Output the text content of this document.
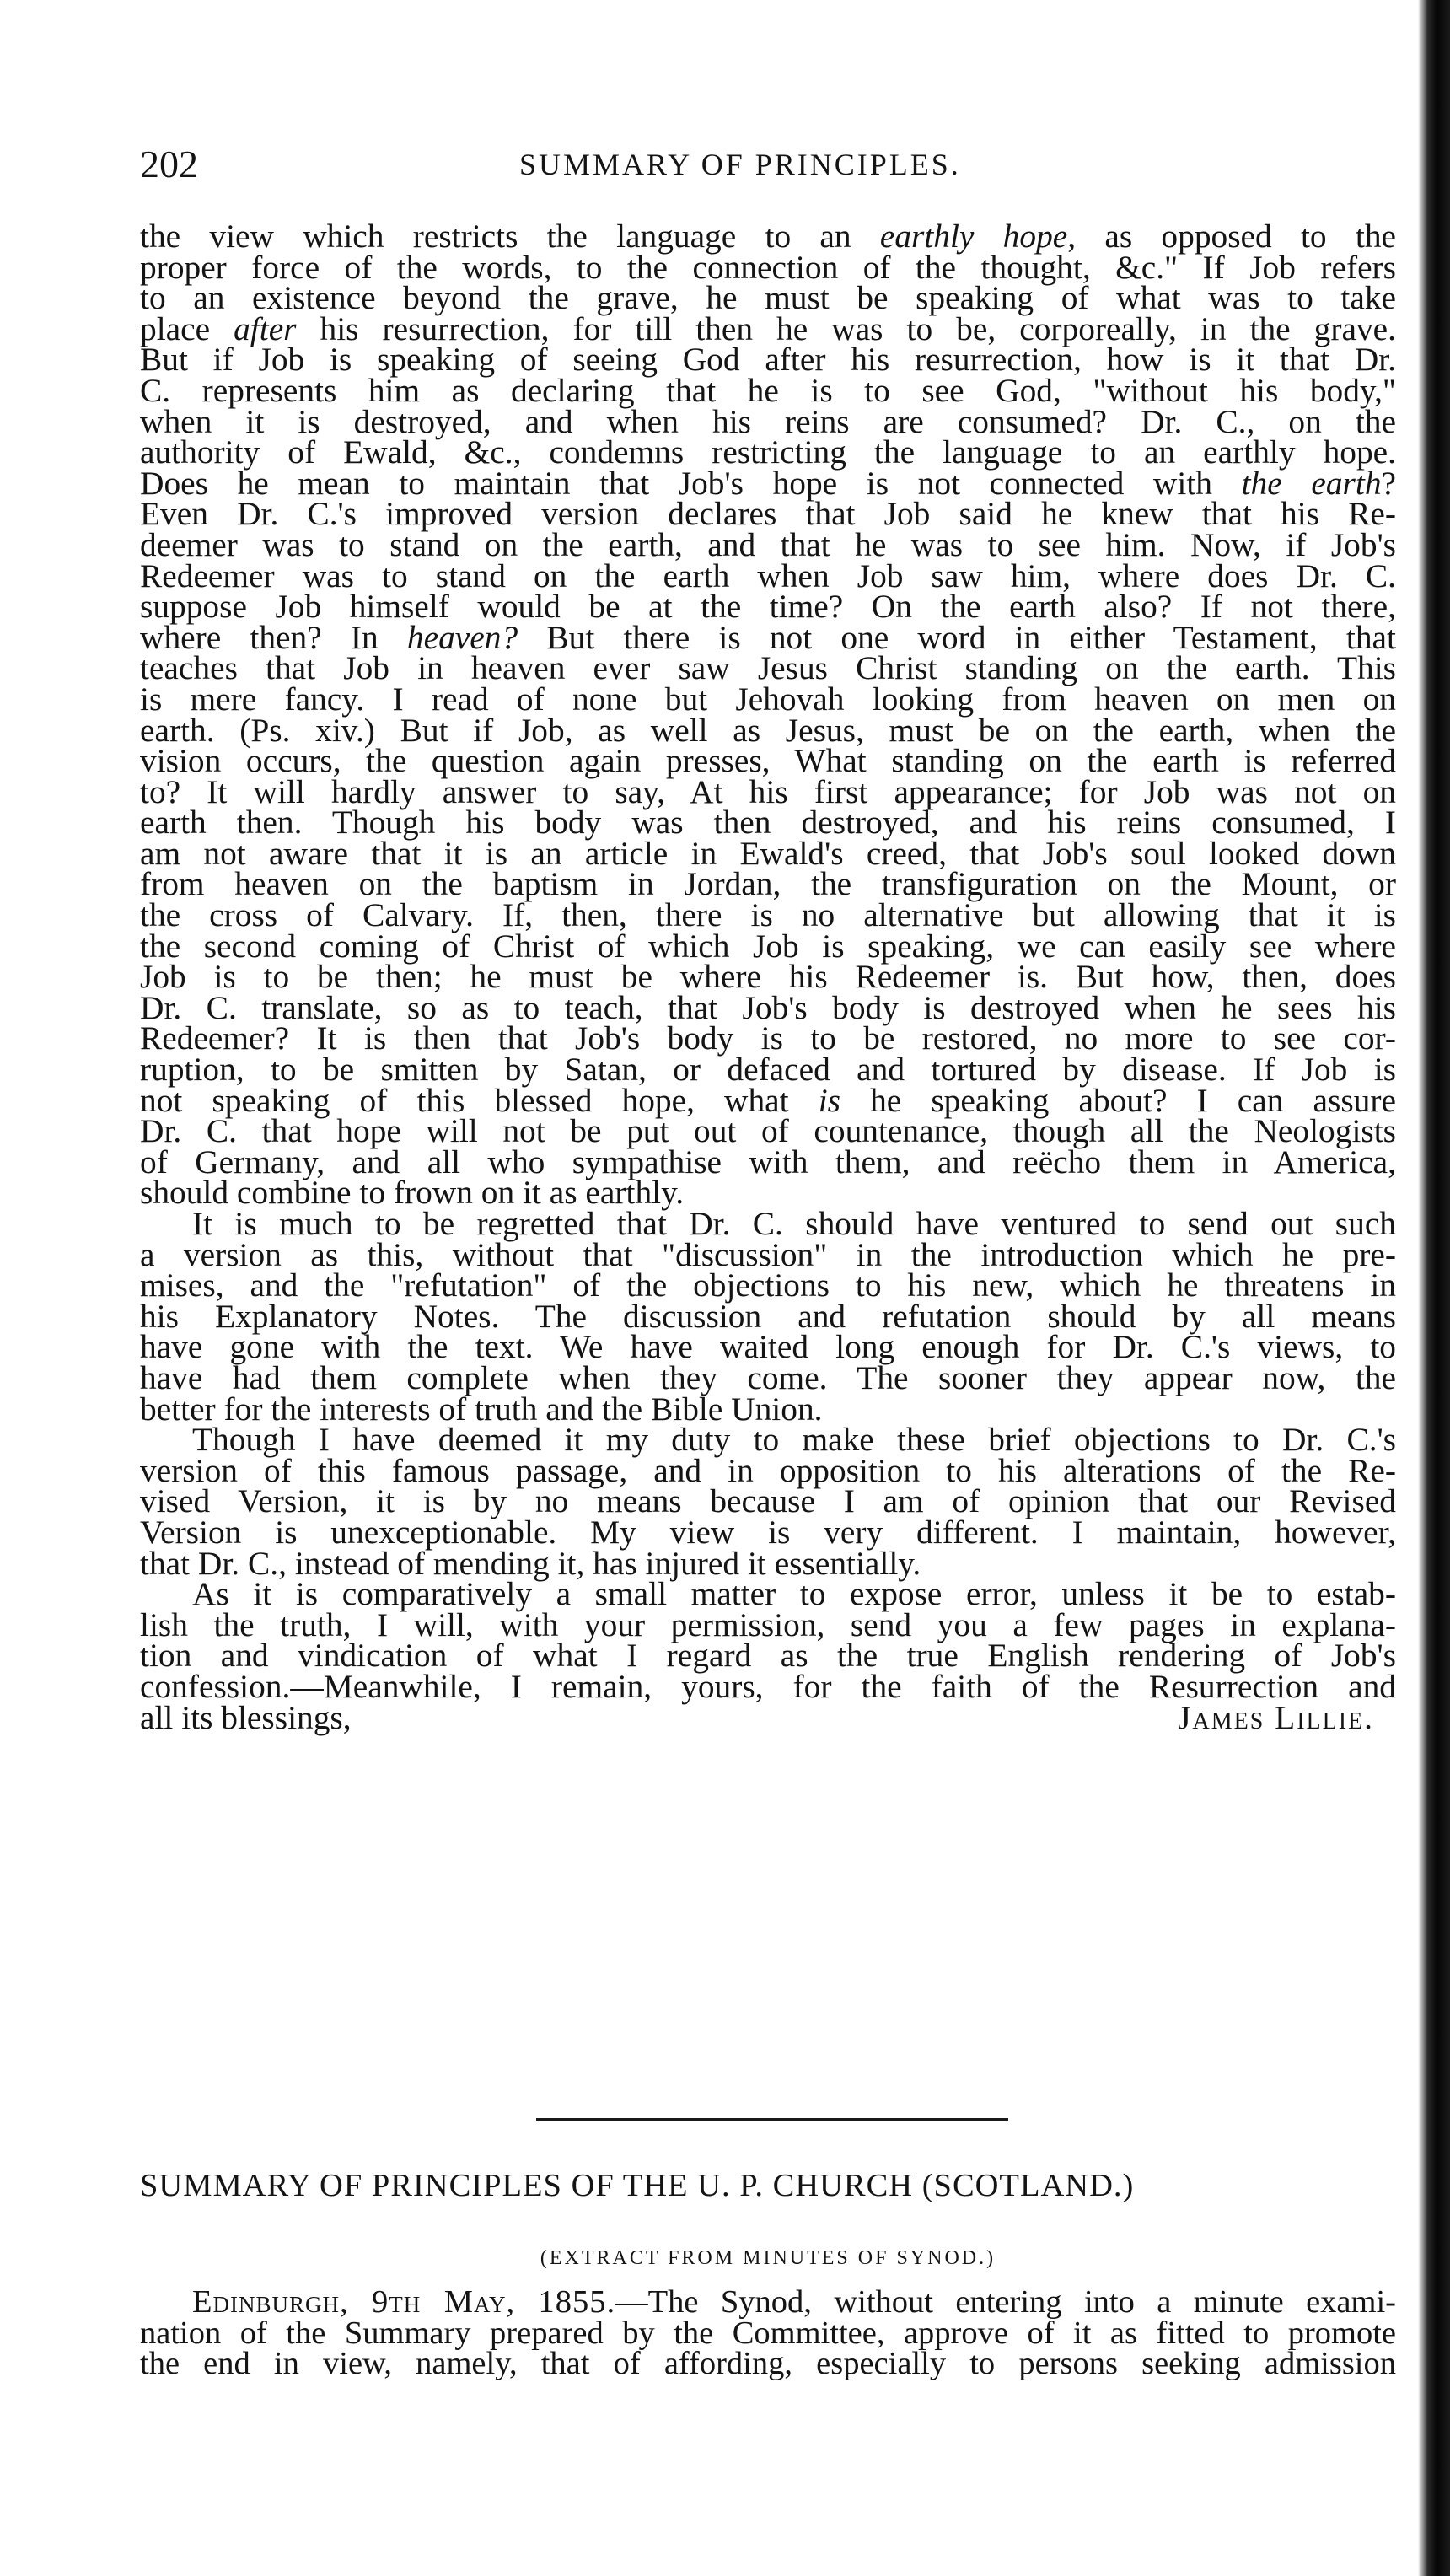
202	SUMMARY OF PRINCIPLES.

the view which restricts the language to an earthly hope, as opposed to the
proper force of the words, to the connection of the thought, &c." If Job refers
to an existence beyond the grave, he must be speaking of what was to take
place after his resurrection, for till then he was to be, corporeally, in the grave.
But if Job is speaking of seeing God after his resurrection, how is it that Dr.
C. represents him as declaring that he is to see God, "without his body,"
when it is destroyed, and when his reins are consumed? Dr. C., on the
authority of Ewald, &c., condemns restricting the language to an earthly hope.
Does he mean to maintain that Job's hope is not connected with the earth?
Even Dr. C.'s improved version declares that Job said he knew that his Re-
deemer was to stand on the earth, and that he was to see him. Now, if Job's
Redeemer was to stand on the earth when Job saw him, where does Dr. C.
suppose Job himself would be at the time? On the earth also? If not there,
where then? In heaven? But there is not one word in either Testament, that
teaches that Job in heaven ever saw Jesus Christ standing on the earth. This
is mere fancy. I read of none but Jehovah looking from heaven on men on
earth. (Ps. xiv.) But if Job, as well as Jesus, must be on the earth, when the
vision occurs, the question again presses, What standing on the earth is referred
to? It will hardly answer to say, At his first appearance; for Job was not on
earth then. Though his body was then destroyed, and his reins consumed, I
am not aware that it is an article in Ewald's creed, that Job's soul looked down
from heaven on the baptism in Jordan, the transfiguration on the Mount, or
the cross of Calvary. If, then, there is no alternative but allowing that it is
the second coming of Christ of which Job is speaking, we can easily see where
Job is to be then; he must be where his Redeemer is. But how, then, does
Dr. C. translate, so as to teach, that Job's body is destroyed when he sees his
Redeemer? It is then that Job's body is to be restored, no more to see cor-
ruption, to be smitten by Satan, or defaced and tortured by disease. If Job is
not speaking of this blessed hope, what is he speaking about? I can assure
Dr. C. that hope will not be put out of countenance, though all the Neologists
of Germany, and all who sympathise with them, and reëcho them in America,
should combine to frown on it as earthly.

It is much to be regretted that Dr. C. should have ventured to send out such
a version as this, without that "discussion" in the introduction which he pre-
mises, and the "refutation" of the objections to his new, which he threatens in
his Explanatory Notes. The discussion and refutation should by all means
have gone with the text. We have waited long enough for Dr. C.'s views, to
have had them complete when they come. The sooner they appear now, the
better for the interests of truth and the Bible Union.

Though I have deemed it my duty to make these brief objections to Dr. C.'s
version of this famous passage, and in opposition to his alterations of the Re-
vised Version, it is by no means because I am of opinion that our Revised
Version is unexceptionable. My view is very different. I maintain, however,
that Dr. C., instead of mending it, has injured it essentially.

As it is comparatively a small matter to expose error, unless it be to estab-
lish the truth, I will, with your permission, send you a few pages in explana-
tion and vindication of what I regard as the true English rendering of Job's
confession.—Meanwhile, I remain, yours, for the faith of the Resurrection and
all its blessings,	James Lillie.

SUMMARY OF PRINCIPLES OF THE U. P. CHURCH (SCOTLAND.)
(EXTRACT FROM MINUTES OF SYNOD.)
Edinburgh, 9th May, 1855.—The Synod, without entering into a minute exami-
nation of the Summary prepared by the Committee, approve of it as fitted to promote
the end in view, namely, that of affording, especially to persons seeking admission
